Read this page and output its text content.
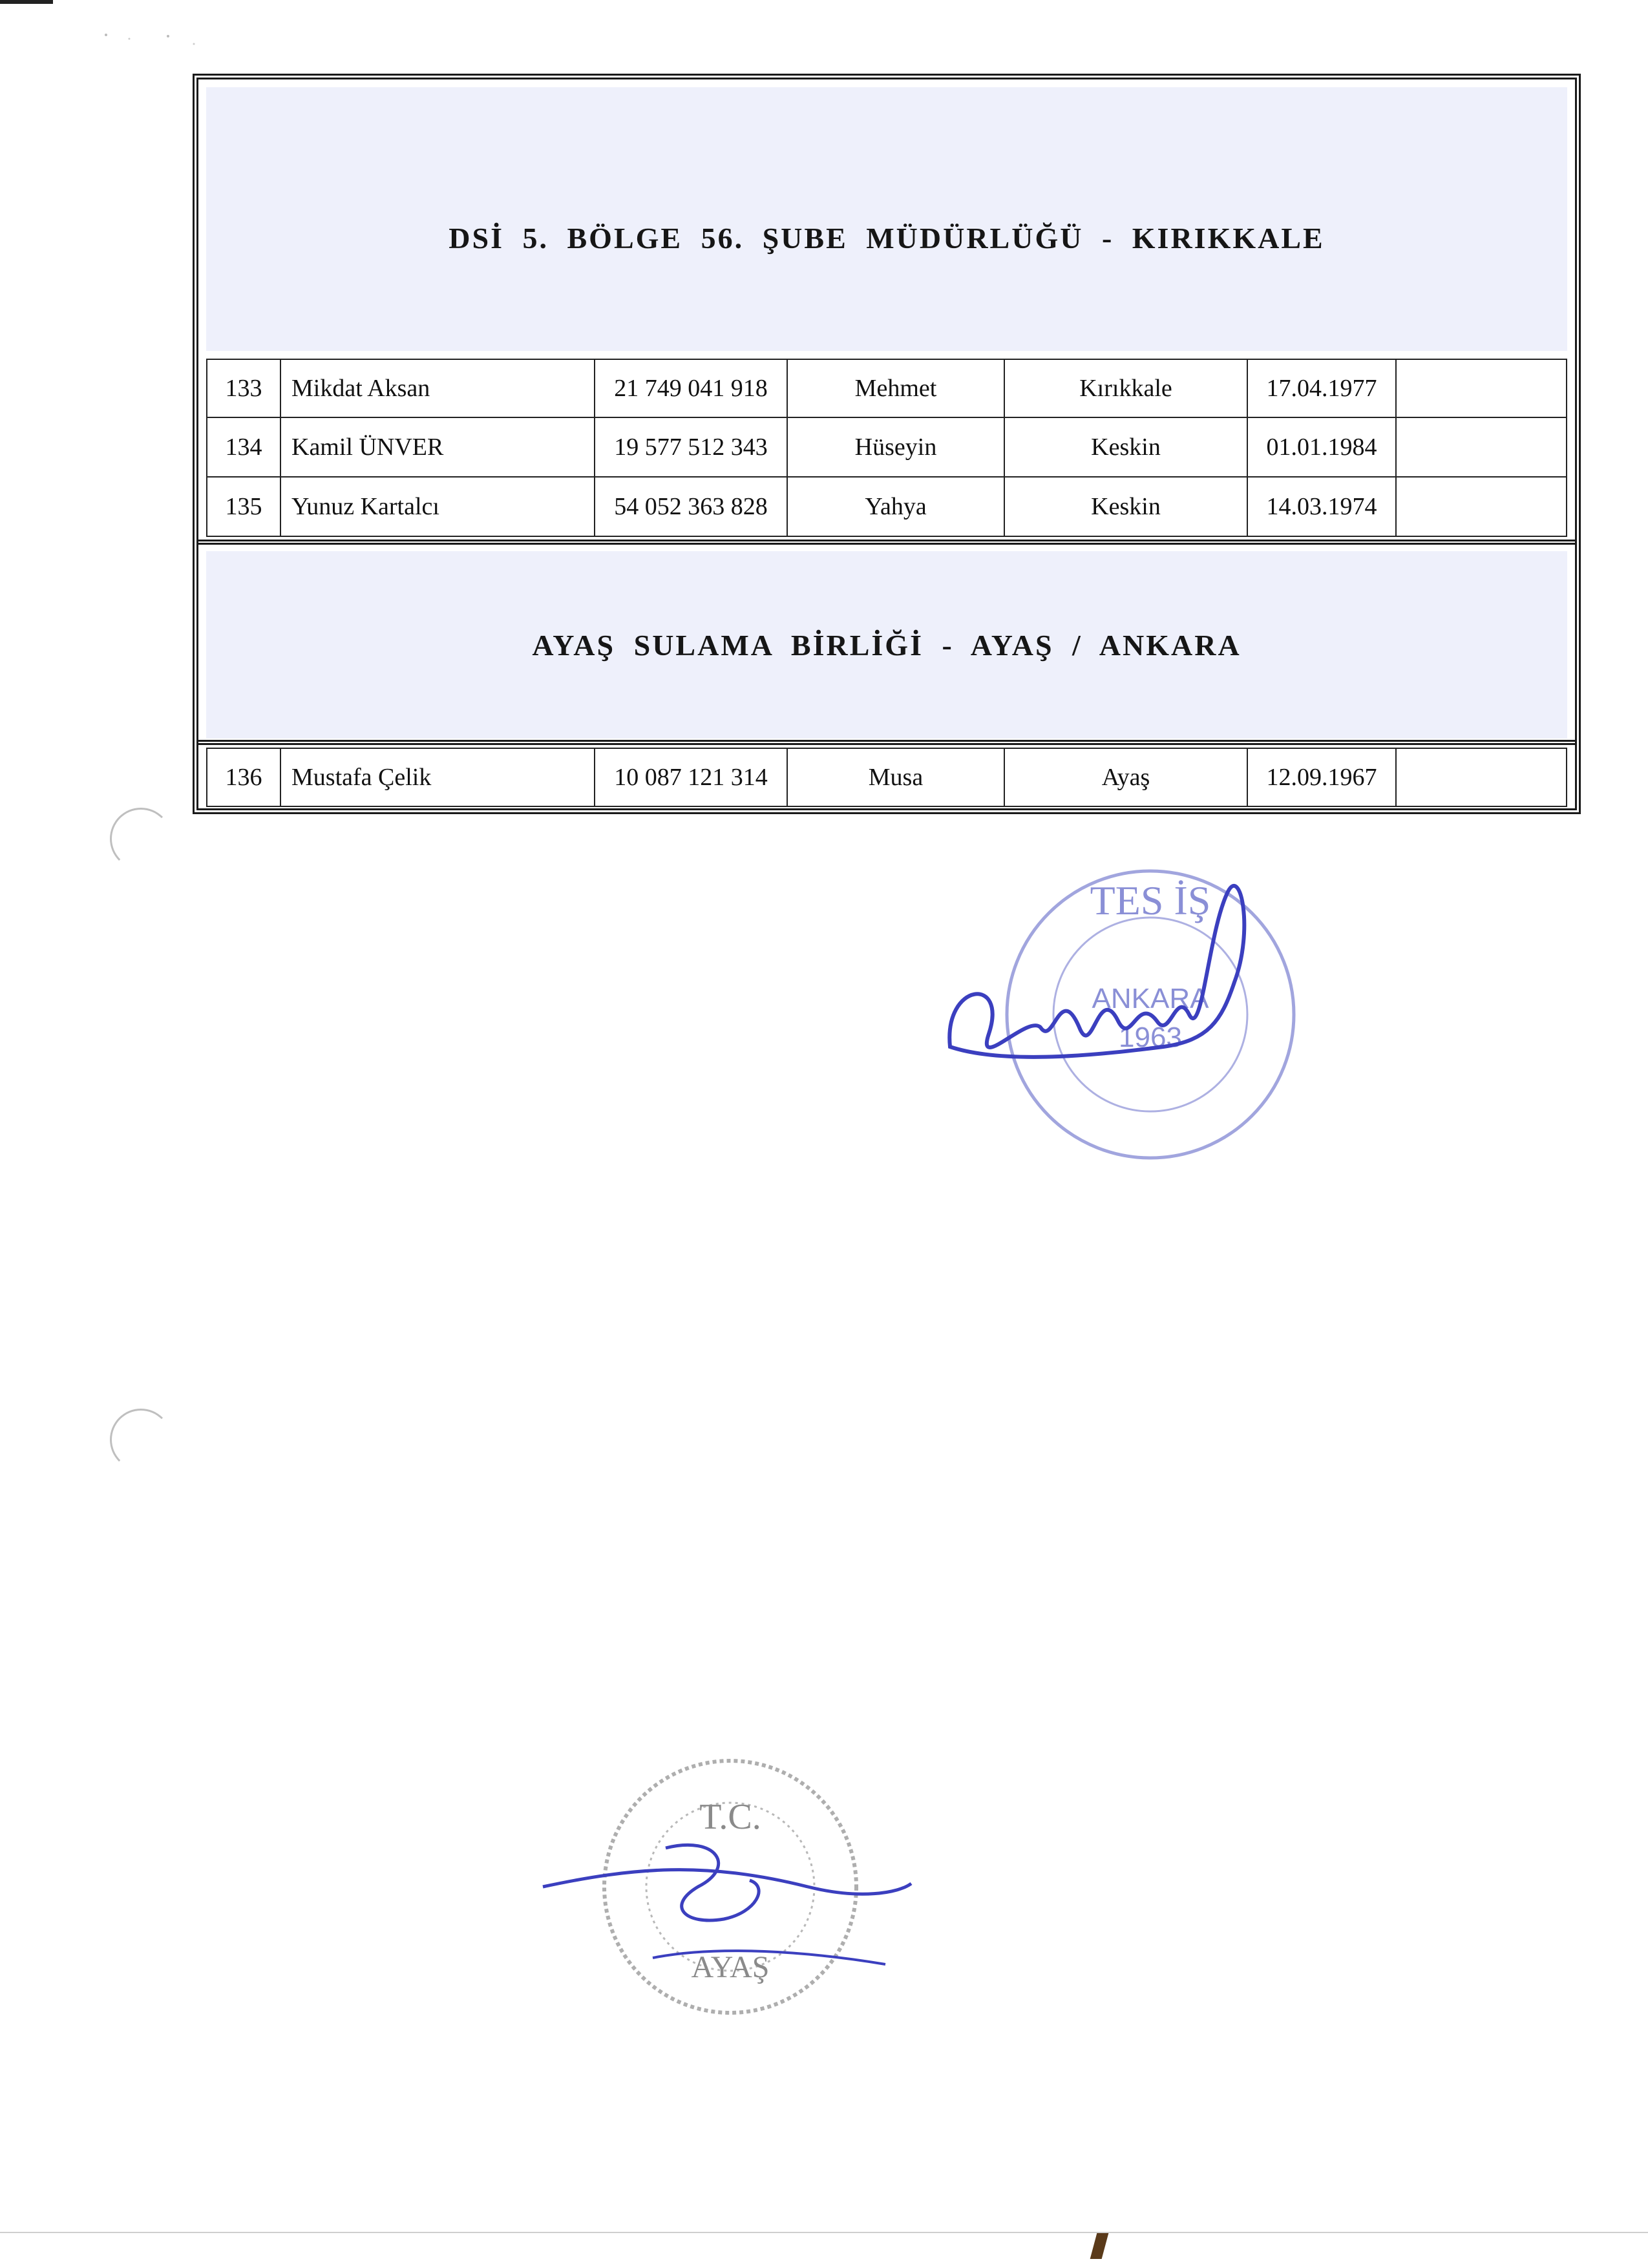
DSİ 5. BÖLGE 56. ŞUBE MÜDÜRLÜĞÜ - KIRIKKALE
133	Mikdat Aksan	21 749 041 918	Mehmet	Kırıkkale	17.04.1977
134	Kamil ÜNVER	19 577 512 343	Hüseyin	Keskin	01.01.1984
135	Yunuz Kartalcı	54 052 363 828	Yahya	Keskin	14.03.1974
AYAŞ SULAMA BİRLİĞİ - AYAŞ / ANKARA
136	Mustafa Çelik	10 087 121 314	Musa	Ayaş	12.09.1967
TES İŞ
ANKARA
1963
T.C.
AYAŞ
